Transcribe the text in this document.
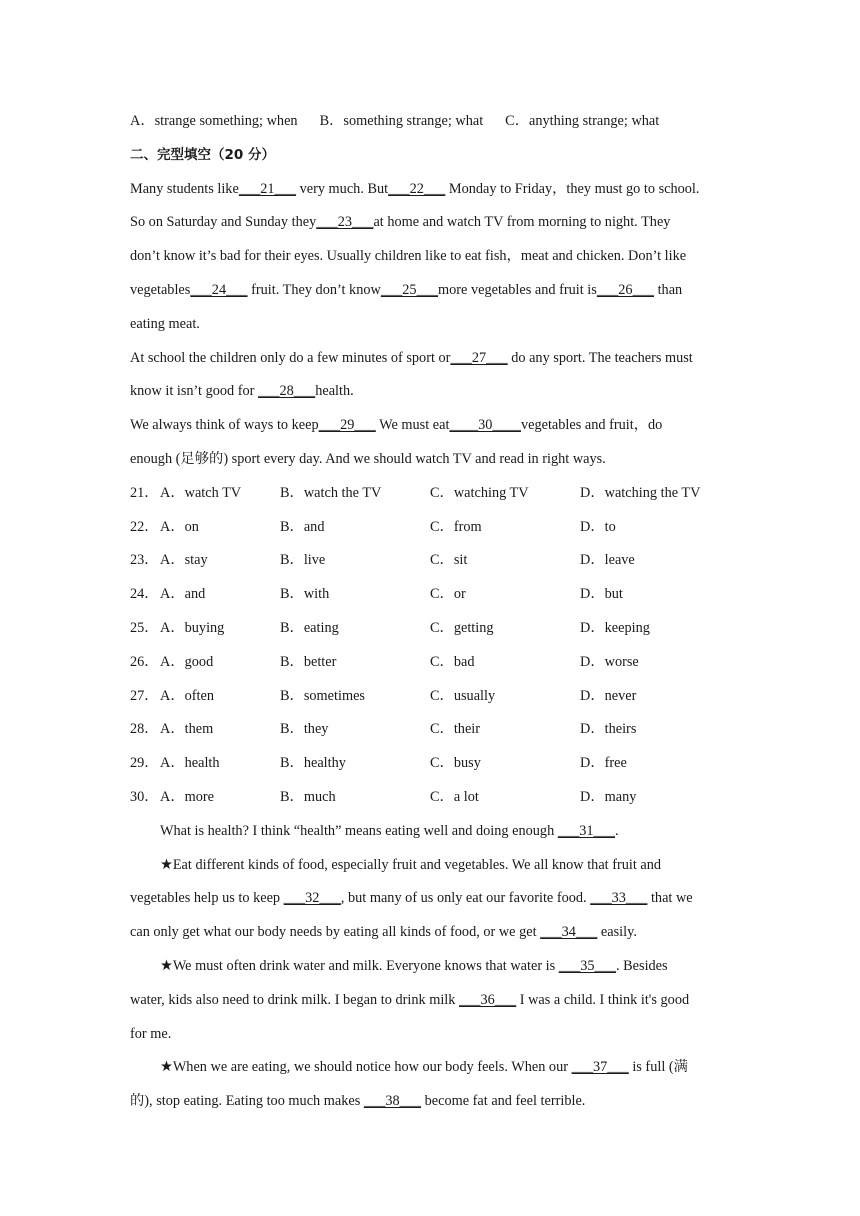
A．strange something; when B．something strange; what C．anything strange; what
二、完型填空（20 分）
Many students like___21___ very much. But___22___ Monday to Friday，they must go to school.
So on Saturday and Sunday they___23___at home and watch TV from morning to night. They
don’t know it’s bad for their eyes. Usually children like to eat fish，meat and chicken. Don’t like
vegetables___24___ fruit. They don’t know___25___more vegetables and fruit is___26___ than
eating meat.
At school the children only do a few minutes of sport or___27___ do any sport. The teachers must
know it isn’t good for ___28___health.
We always think of ways to keep___29___ We must eat____30____vegetables and fruit，do
enough (足够的) sport every day. And we should watch TV and read in right ways.
21． A．watch TV	B．watch the TV	C．watching TV	D．watching the TV
22． A．on	B．and	C．from	D．to
23． A．stay	B．live	C．sit	D．leave
24． A．and	B．with	C．or	D．but
25． A．buying	B．eating	C．getting	D．keeping
26． A．good	B．better	C．bad	D．worse
27． A．often	B．sometimes	C．usually	D．never
28． A．them	B．they	C．their	D．theirs
29． A．health	B．healthy	C．busy	D．free
30． A．more	B．much	C．a lot	D．many
What is health? I think “health” means eating well and doing enough ___31___.
★Eat different kinds of food, especially fruit and vegetables. We all know that fruit and
vegetables help us to keep ___32___, but many of us only eat our favorite food. ___33___ that we
can only get what our body needs by eating all kinds of food, or we get ___34___ easily.
★We must often drink water and milk. Everyone knows that water is ___35___. Besides
water, kids also need to drink milk. I began to drink milk ___36___ I was a child. I think it's good
for me.
★When we are eating, we should notice how our body feels. When our ___37___ is full (满
的), stop eating. Eating too much makes ___38___ become fat and feel terrible.
